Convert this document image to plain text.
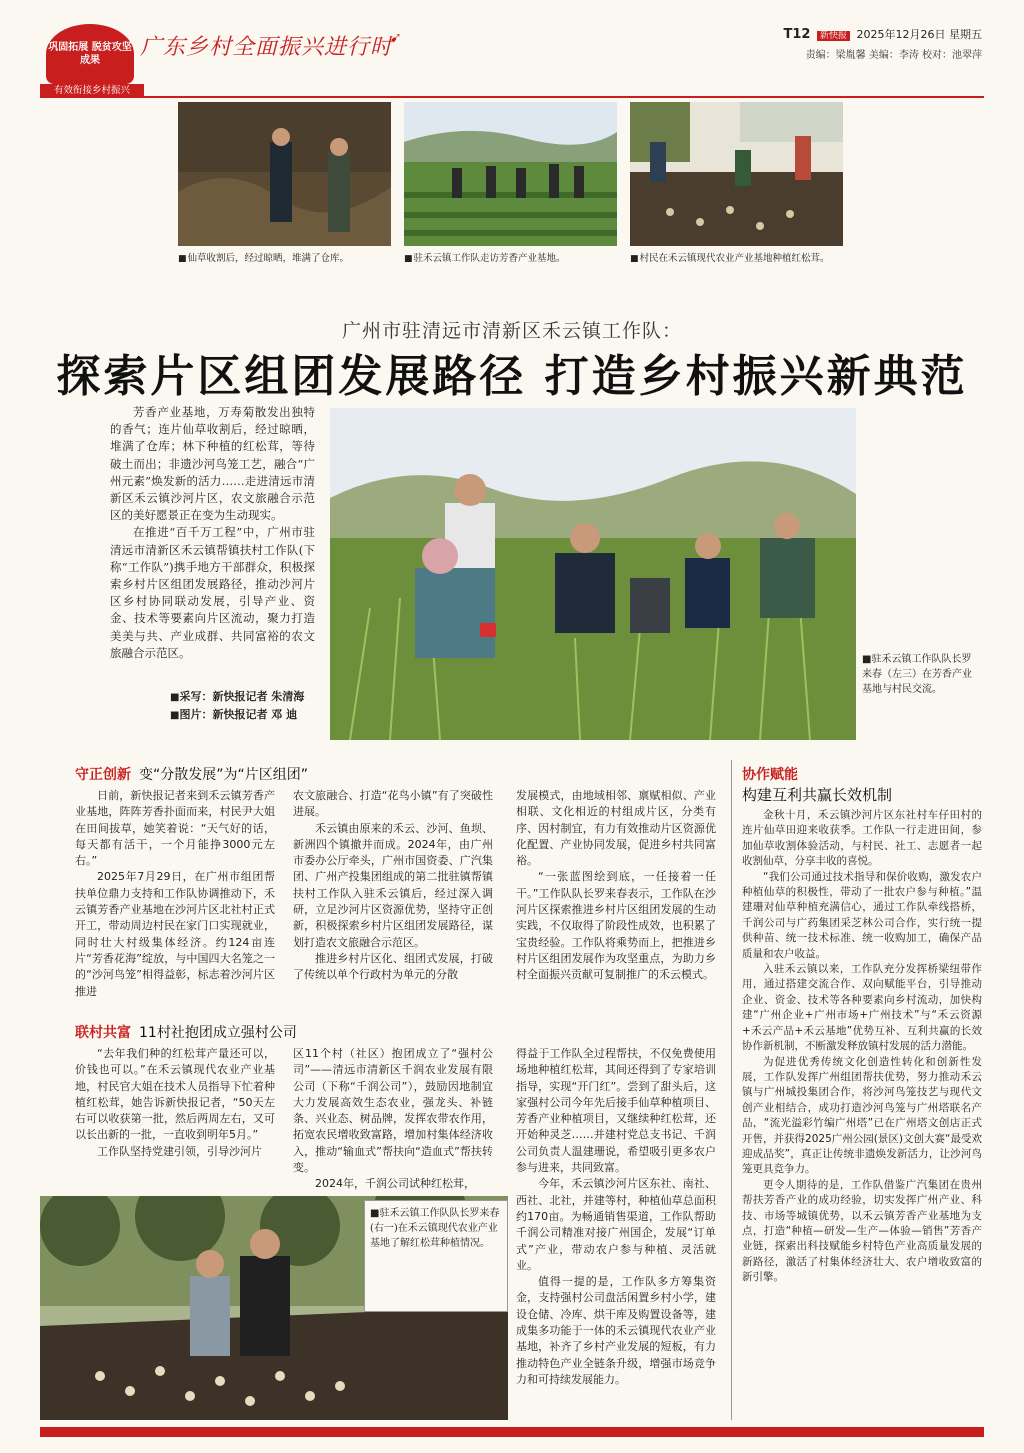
巩固拓展 脱贫攻坚成果
有效衔接乡村振兴
广东乡村全面振兴进行时
➹	T12 新快报 2025年12月26日 星期五
责编：梁胤馨 美编：李涛 校对：池翠萍
■ 仙草收割后，经过晾晒，堆满了仓库。	■ 驻禾云镇工作队走访芳香产业基地。	■ 村民在禾云镇现代农业产业基地种植红松茸。
广州市驻清远市清新区禾云镇工作队：
探索片区组团发展路径 打造乡村振兴新典范

芳香产业基地，万寿菊散发出独特的香气；连片仙草收割后，经过晾晒，堆满了仓库；林下种植的红松茸，等待破土而出；非遗沙河鸟笼工艺，融合“广州元素”焕发新的活力……走进清远市清新区禾云镇沙河片区，农文旅融合示范区的美好愿景正在变为生动现实。

在推进“百千万工程”中，广州市驻清远市清新区禾云镇帮镇扶村工作队(下称“工作队”)携手地方干部群众，积极探索乡村片区组团发展路径，推动沙河片区乡村协同联动发展，引导产业、资金、技术等要素向片区流动，聚力打造美美与共、产业成群、共同富裕的农文旅融合示范区。

■ 采写：新快报记者 朱清海
■ 图片：新快报记者 邓 迪
■驻禾云镇工作队队长罗来春（左三）在芳香产业基地与村民交流。
守正创新 变“分散发展”为“片区组团”

日前，新快报记者来到禾云镇芳香产业基地，阵阵芳香扑面而来，村民尹大姐在田间拔草，她笑着说：“天气好的话，每天都有活干，一个月能挣3000元左右。”

2025年7月29日，在广州市组团帮扶单位鼎力支持和工作队协调推动下，禾云镇芳香产业基地在沙河片区北社村正式开工，带动周边村民在家门口实现就业，同时壮大村级集体经济。约124亩连片“芳香花海”绽放，与中国四大名笼之一的“沙河鸟笼”相得益彰，标志着沙河片区推进

农文旅融合、打造“花鸟小镇”有了突破性进展。

禾云镇由原来的禾云、沙河、鱼坝、新洲四个镇撤并而成。2024年，由广州市委办公厅牵头，广州市国资委、广汽集团、广州产投集团组成的第二批驻镇帮镇扶村工作队入驻禾云镇后，经过深入调研，立足沙河片区资源优势，坚持守正创新，积极探索乡村片区组团发展路径，谋划打造农文旅融合示范区。

推进乡村片区化、组团式发展，打破了传统以单个行政村为单元的分散

发展模式，由地域相邻、禀赋相似、产业相联、文化相近的村组成片区，分类有序、因村制宜，有力有效推动片区资源优化配置、产业协同发展，促进乡村共同富裕。

“一张蓝图绘到底，一任接着一任干。”工作队队长罗来春表示，工作队在沙河片区探索推进乡村片区组团发展的生动实践，不仅取得了阶段性成效，也积累了宝贵经验。工作队将乘势而上，把推进乡村片区组团发展作为攻坚重点，为助力乡村全面振兴贡献可复制推广的禾云模式。

联村共富 11村社抱团成立强村公司

“去年我们种的红松茸产量还可以，价钱也可以。”在禾云镇现代农业产业基地，村民官大姐在技术人员指导下忙着种植红松茸，她告诉新快报记者，“50天左右可以收获第一批，然后两周左右，又可以长出新的一批，一直收到明年5月。”

工作队坚持党建引领，引导沙河片

区11个村（社区）抱团成立了“强村公司”——清远市清新区千润农业发展有限公司（下称“千润公司”），鼓励因地制宜大力发展高效生态农业，强龙头、补链条、兴业态、树品牌，发挥农带农作用，拓宽农民增收致富路，增加村集体经济收入，推动“输血式”帮扶向“造血式”帮扶转变。

2024年，千润公司试种红松茸，

得益于工作队全过程帮扶，不仅免费使用场地种植红松茸，其间还得到了专家培训指导，实现“开门红”。尝到了甜头后，这家强村公司今年先后接手仙草种植项目、芳香产业种植项目，又继续种红松茸，还开始种灵芝……并建村党总支书记、千润公司负责人温建珊说，希望吸引更多农户参与进来，共同致富。

今年，禾云镇沙河片区东社、南社、西社、北社，并建等村，种植仙草总面积约170亩。为畅通销售渠道，工作队帮助千润公司精准对接广州国企，发展“订单式”产业，带动农户参与种植、灵活就业。

值得一提的是，工作队多方筹集资金，支持强村公司盘活闲置乡村小学，建设仓储、冷库、烘干库及购置设备等，建成集多功能于一体的禾云镇现代农业产业基地，补齐了乡村产业发展的短板，有力推动特色产业全链条升级，增强市场竞争力和可持续发展能力。

■驻禾云镇工作队队长罗来春(右一)在禾云镇现代农业产业基地了解红松茸种植情况。
协作赋能
构建互利共赢长效机制

金秋十月，禾云镇沙河片区东社村车仔田村的连片仙草田迎来收获季。工作队一行走进田间，参加仙草收割体验活动，与村民、社工、志愿者一起收割仙草，分享丰收的喜悦。

“我们公司通过技术指导和保价收购，激发农户种植仙草的积极性，带动了一批农户参与种植。”温建珊对仙草种植充满信心，通过工作队牵线搭桥，千润公司与广药集团采芝林公司合作，实行统一提供种苗、统一技术标准、统一收购加工，确保产品质量和农户收益。

入驻禾云镇以来，工作队充分发挥桥梁纽带作用，通过搭建交流合作、双向赋能平台，引导推动企业、资金、技术等各种要素向乡村流动，加快构建“广州企业+广州市场+广州技术”与“禾云资源+禾云产品+禾云基地”优势互补、互利共赢的长效协作新机制，不断激发释放镇村发展的活力潜能。

为促进优秀传统文化创造性转化和创新性发展，工作队发挥广州组团帮扶优势，努力推动禾云镇与广州城投集团合作，将沙河鸟笼技艺与现代文创产业相结合，成功打造沙河鸟笼与广州塔联名产品，“流光溢彩竹编广州塔”已在广州塔文创店正式开售，并获得2025广州公园(景区)文创大赛“最受欢迎成品奖”，真正让传统非遗焕发新活力，让沙河鸟笼更具竞争力。

更令人期待的是，工作队借鉴广汽集团在贵州帮扶芳香产业的成功经验，切实发挥广州产业、科技、市场等城镇优势，以禾云镇芳香产业基地为支点，打造“种植—研发—生产—体验—销售”芳香产业链，探索出科技赋能乡村特色产业高质量发展的新路径，激活了村集体经济壮大、农户增收致富的新引擎。
